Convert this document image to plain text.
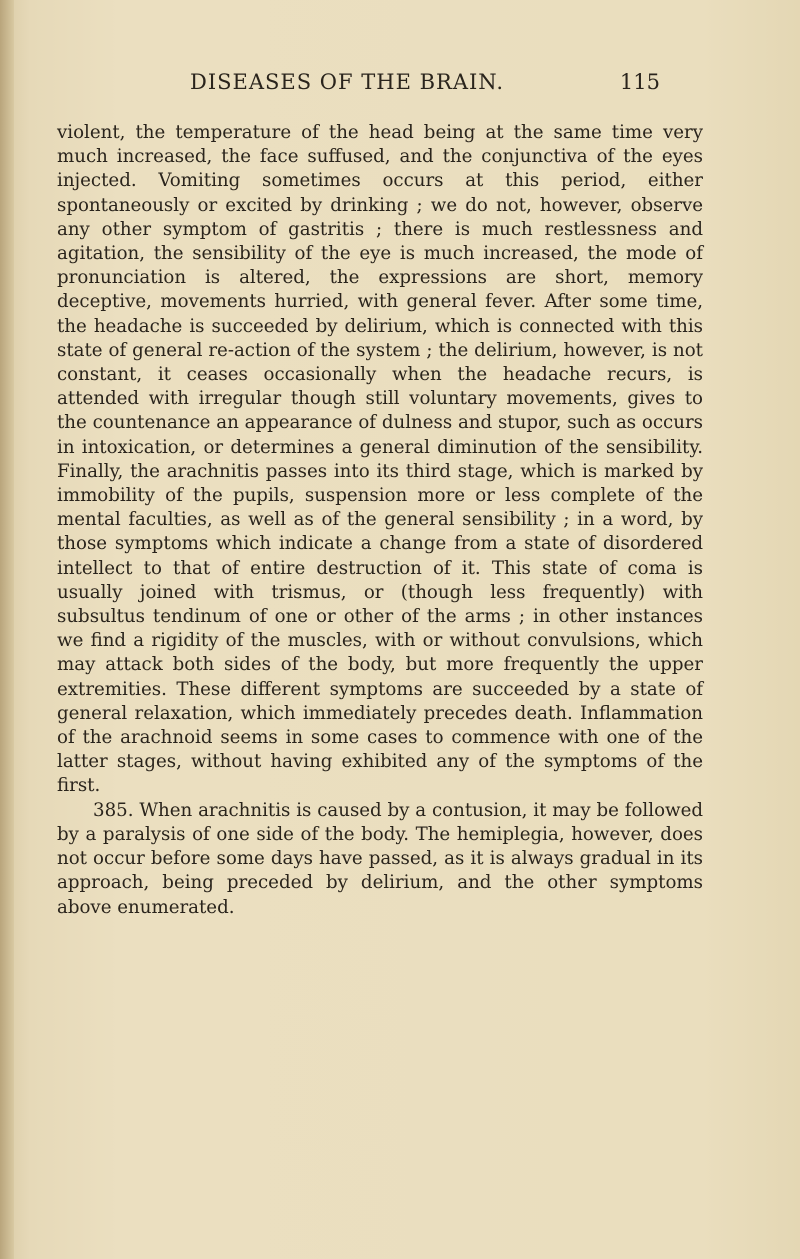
DISEASES OF THE BRAIN.	115

violent, the temperature of the head being at the same time very much increased, the face suffused, and the conjunctiva of the eyes injected. Vomiting sometimes occurs at this period, either spontaneously or excited by drinking ; we do not, however, observe any other symptom of gastritis ; there is much restlessness and agitation, the sensibility of the eye is much increased, the mode of pronunciation is altered, the expressions are short, memory deceptive, movements hurried, with general fever. After some time, the headache is succeeded by delirium, which is connected with this state of general re-action of the system ; the delirium, however, is not constant, it ceases occasionally when the headache recurs, is attended with irregular though still voluntary movements, gives to the countenance an appearance of dulness and stupor, such as occurs in intoxication, or determines a general diminution of the sensibility. Finally, the arachnitis passes into its third stage, which is marked by immobility of the pupils, suspension more or less complete of the mental faculties, as well as of the general sensibility ; in a word, by those symptoms which indicate a change from a state of disordered intellect to that of entire destruction of it. This state of coma is usually joined with trismus, or (though less frequently) with subsultus tendinum of one or other of the arms ; in other instances we find a rigidity of the muscles, with or without convulsions, which may attack both sides of the body, but more frequently the upper extremities. These different symptoms are succeeded by a state of general relaxation, which immediately precedes death. Inflammation of the arachnoid seems in some cases to commence with one of the latter stages, without having exhibited any of the symptoms of the first.

385. When arachnitis is caused by a contusion, it may be followed by a paralysis of one side of the body. The hemiplegia, however, does not occur before some days have passed, as it is always gradual in its approach, being preceded by delirium, and the other symptoms above enumerated.
